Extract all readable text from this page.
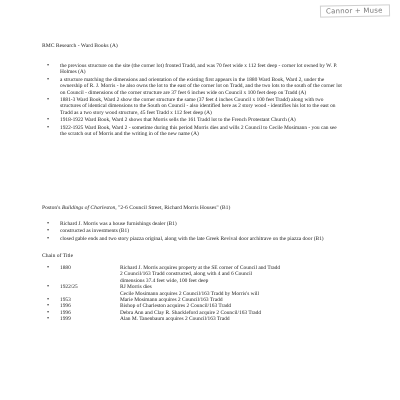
Cannor + Muse
RMC Research - Ward Books (A)
• the previous structure on the site (the corner lot) fronted Tradd, and was 70 feet wide x 112 feet deep - corner lot owned by W. P. Holmes (A)
• a structure matching the dimensions and orientation of the existing first appears in the 1880 Ward Book, Ward 2, under the ownership of R. J. Morris - he also owns the lot to the east of the corner lot on Tradd, and the two lots to the south of the corner lot on Council - dimensions of the corner structure are 37 feet 6 inches wide on Council x 100 feet deep on Tradd (A)
• 1881-3 Ward Book, Ward 2 show the corner structure the same (37 feet 4 inches Council x 100 feet Tradd) along with two structures of identical dimensions to the South on Council - also identified here as 2 story wood - identifies his lot to the east on Tradd as a two story wood structure, 45 feet Tradd x 112 feet deep (A)
• 1918-1922 Ward Book, Ward 2 shows that Morris sells the 161 Tradd lot to the French Protestant Church (A)
• 1922-1925 Ward Book, Ward 2 - sometime during this period Morris dies and wills 2 Council to Cecile Mosimann - you can see the scratch out of Morris and the writing in of the new name (A)
Poston's Buildings of Charleston, "2-6 Council Street, Richard Morris Houses" (B1)
• Richard J. Morris was a house furnishings dealer (B1)
• constructed as investments (B1)
• closed gable ends and two story piazza original, along with the late Greek Revival door architrave on the piazza door (B1)
Chain of Title
•
1880	Richard J. Morris acquires property at the SE corner of Council and Tradd
2 Council/163 Tradd constructed, along with 4 and 6 Council
dimensions 37.4 feet wide, 100 feet deep
•
1922/25	RJ Morris dies
Cecile Mosimann acquires 2 Council/163 Tradd by Morris's will
•
1953	Marie Mosimann acquires 2 Council/163 Tradd
•
1996	Bishop of Charleston acquires 2 Council/163 Tradd
•
1996	Debra Ann and Clay R. Shackleford acquire 2 Council/163 Tradd
•
1999	Alan M. Tanenbaum acquires 2 Council/163 Tradd
